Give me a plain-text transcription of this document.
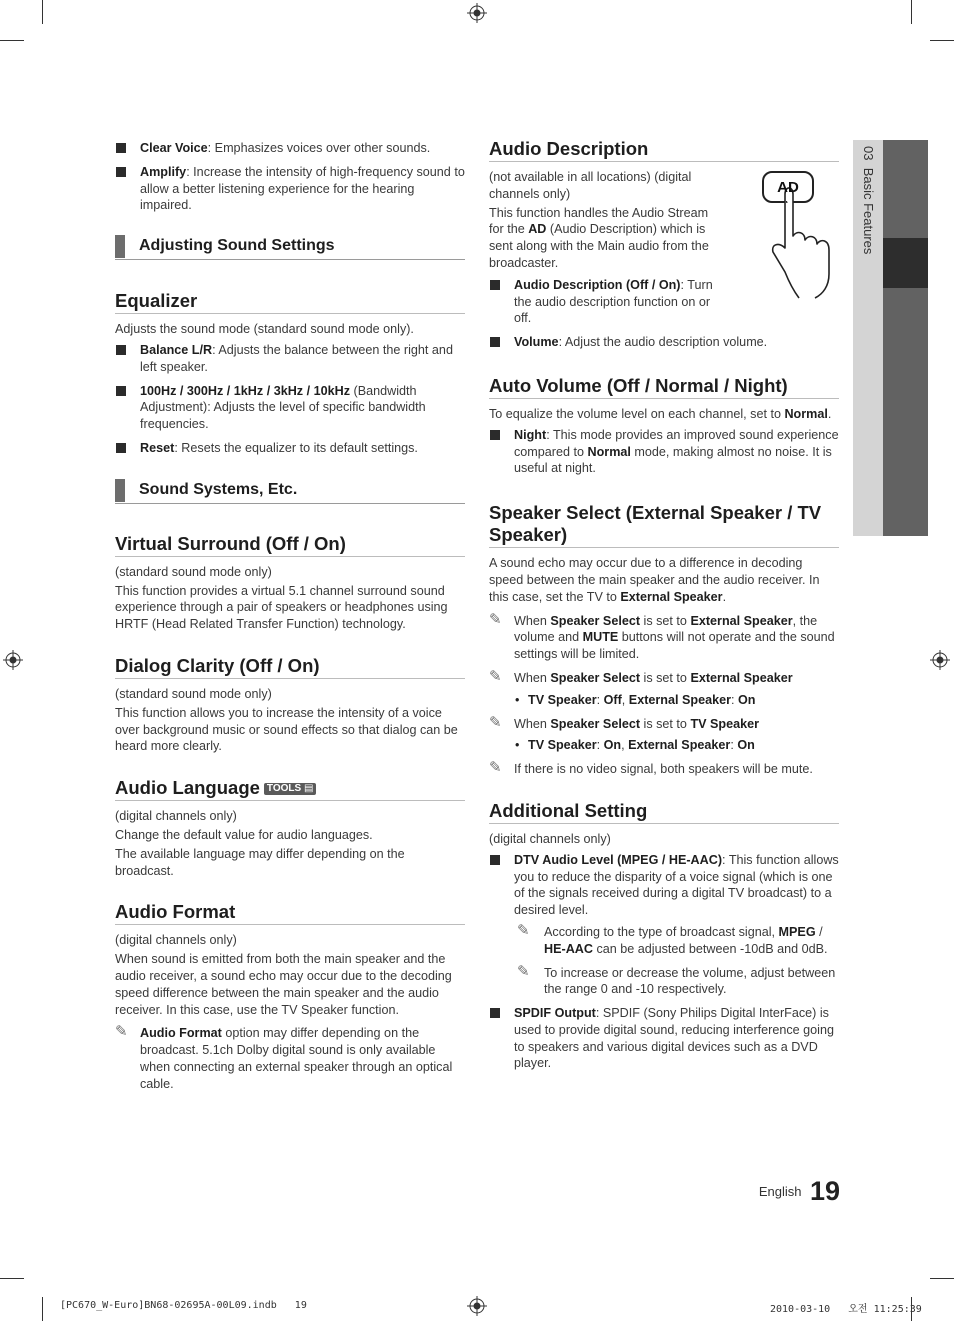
03  Basic Features

Clear Voice: Emphasizes voices over other sounds.

Amplify: Increase the intensity of high-frequency sound to allow a better listening experience for the hearing impaired.

Adjusting Sound Settings
Equalizer

Adjusts the sound mode (standard sound mode only).

Balance L/R: Adjusts the balance between the right and left speaker.

100Hz / 300Hz / 1kHz / 3kHz / 10kHz (Bandwidth Adjustment): Adjusts the level of specific bandwidth frequencies.

Reset: Resets the equalizer to its default settings.

Sound Systems, Etc.
Virtual Surround (Off / On)

(standard sound mode only)

This function provides a virtual 5.1 channel surround sound experience through a pair of speakers or headphones using HRTF (Head Related Transfer Function) technology.

Dialog Clarity (Off / On)

(standard sound mode only)

This function allows you to increase the intensity of a voice over background music or sound effects so that dialog can be heard more clearly.

Audio Language TOOLS ▤

(digital channels only)

Change the default value for audio languages.

The available language may differ depending on the broadcast.

Audio Format

(digital channels only)

When sound is emitted from both the main speaker and the audio receiver, a sound echo may occur due to the decoding speed difference between the main speaker and the audio receiver. In this case, use the TV Speaker function.

✎ Audio Format option may differ depending on the broadcast. 5.1ch Dolby digital sound is only available when connecting an external speaker through an optical cable.

Audio Description
AD

(not available in all locations) (digital channels only)

This function handles the Audio Stream for the AD (Audio Description) which is sent along with the Main audio from the broadcaster.

Audio Description (Off / On): Turn the audio description function on or off.

Volume: Adjust the audio description volume.

Auto Volume (Off / Normal / Night)

To equalize the volume level on each channel, set to Normal.

Night: This mode provides an improved sound experience compared to Normal mode, making almost no noise. It is useful at night.

Speaker Select (External Speaker / TV Speaker)

A sound echo may occur due to a difference in decoding speed between the main speaker and the audio receiver. In this case, set the TV to External Speaker.

✎ When Speaker Select is set to External Speaker, the volume and MUTE buttons will not operate and the sound settings will be limited.

✎ When Speaker Select is set to External Speaker

• TV Speaker: Off, External Speaker: On

✎ When Speaker Select is set to TV Speaker

• TV Speaker: On, External Speaker: On

✎ If there is no video signal, both speakers will be mute.

Additional Setting

(digital channels only)

DTV Audio Level (MPEG / HE-AAC): This function allows you to reduce the disparity of a voice signal (which is one of the signals received during a digital TV broadcast) to a desired level.

✎ According to the type of broadcast signal, MPEG / HE-AAC can be adjusted between -10dB and 0dB.

✎ To increase or decrease the volume, adjust between the range 0 and -10 respectively.

SPDIF Output: SPDIF (Sony Philips Digital InterFace) is used to provide digital sound, reducing interference going to speakers and various digital devices such as a DVD player.

$^{English}$ 19
[PC670_W-Euro]BN68-02695A-00L09.indb   19	2010-03-10   오전 11:25:39
